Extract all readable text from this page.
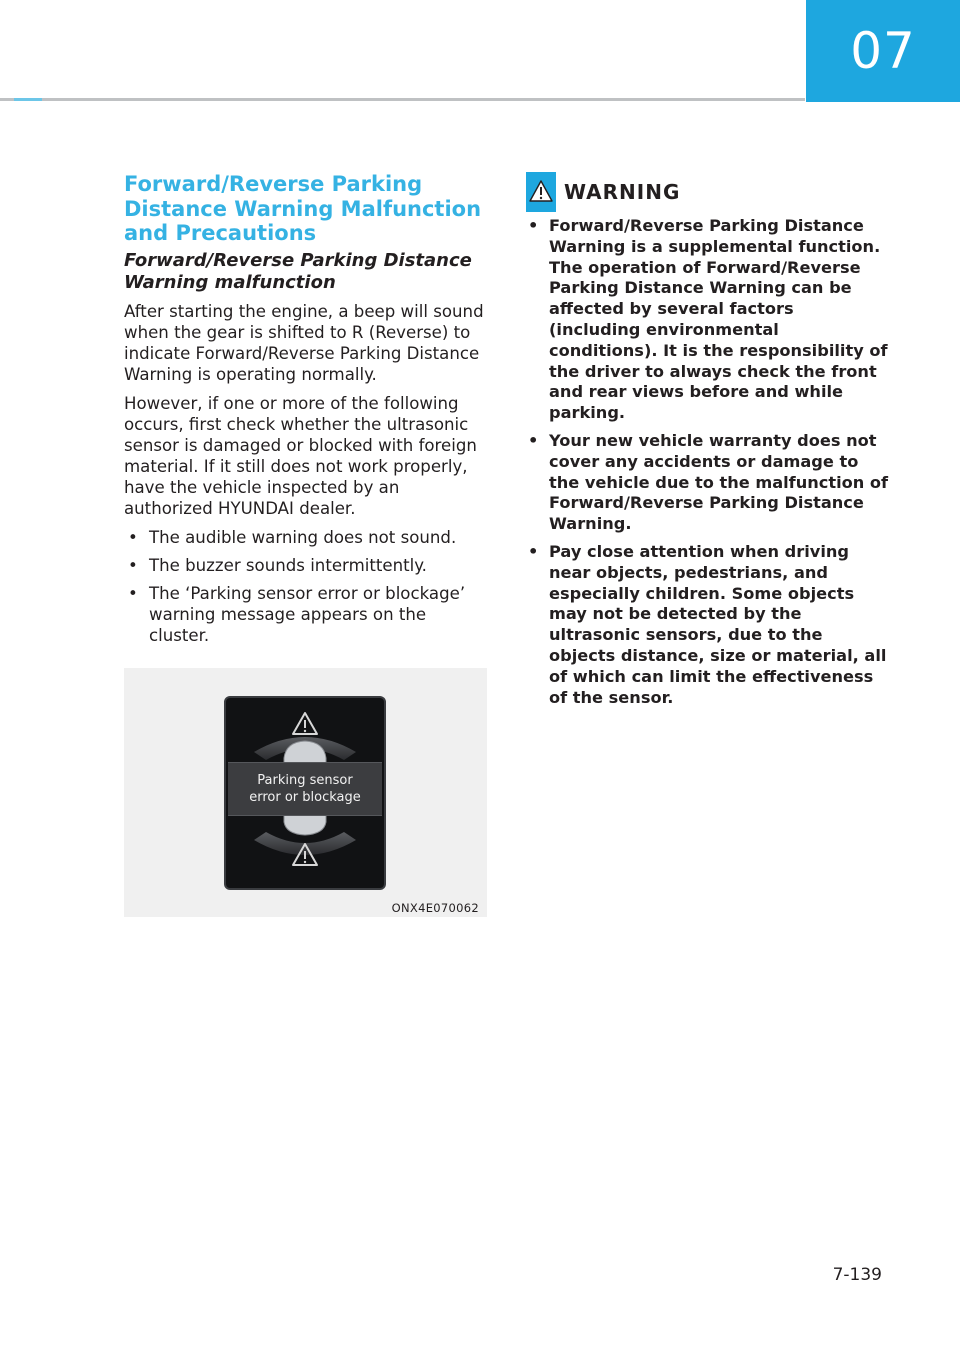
07
Forward/Reverse Parking Distance Warning Malfunction and Precautions
Forward/Reverse Parking Distance Warning malfunction

After starting the engine, a beep will sound when the gear is shifted to R (Reverse) to indicate Forward/Reverse Parking Distance Warning is operating normally.

However, if one or more of the following occurs, first check whether the ultrasonic sensor is damaged or blocked with foreign material. If it still does not work properly, have the vehicle inspected by an authorized HYUNDAI dealer.

• The audible warning does not sound.
• The buzzer sounds intermittently.
• The ‘Parking sensor error or blockage’ warning message appears on the cluster.
Parking sensor
error or blockage
ONX4E070062
WARNING
• Forward/Reverse Parking Distance Warning is a supplemental function. The operation of Forward/Reverse Parking Distance Warning can be affected by several factors (including environmental conditions). It is the responsibility of the driver to always check the front and rear views before and while parking.
• Your new vehicle warranty does not cover any accidents or damage to the vehicle due to the malfunction of Forward/Reverse Parking Distance Warning.
• Pay close attention when driving near objects, pedestrians, and especially children. Some objects may not be detected by the ultrasonic sensors, due to the objects distance, size or material, all of which can limit the effectiveness of the sensor.
7-139
